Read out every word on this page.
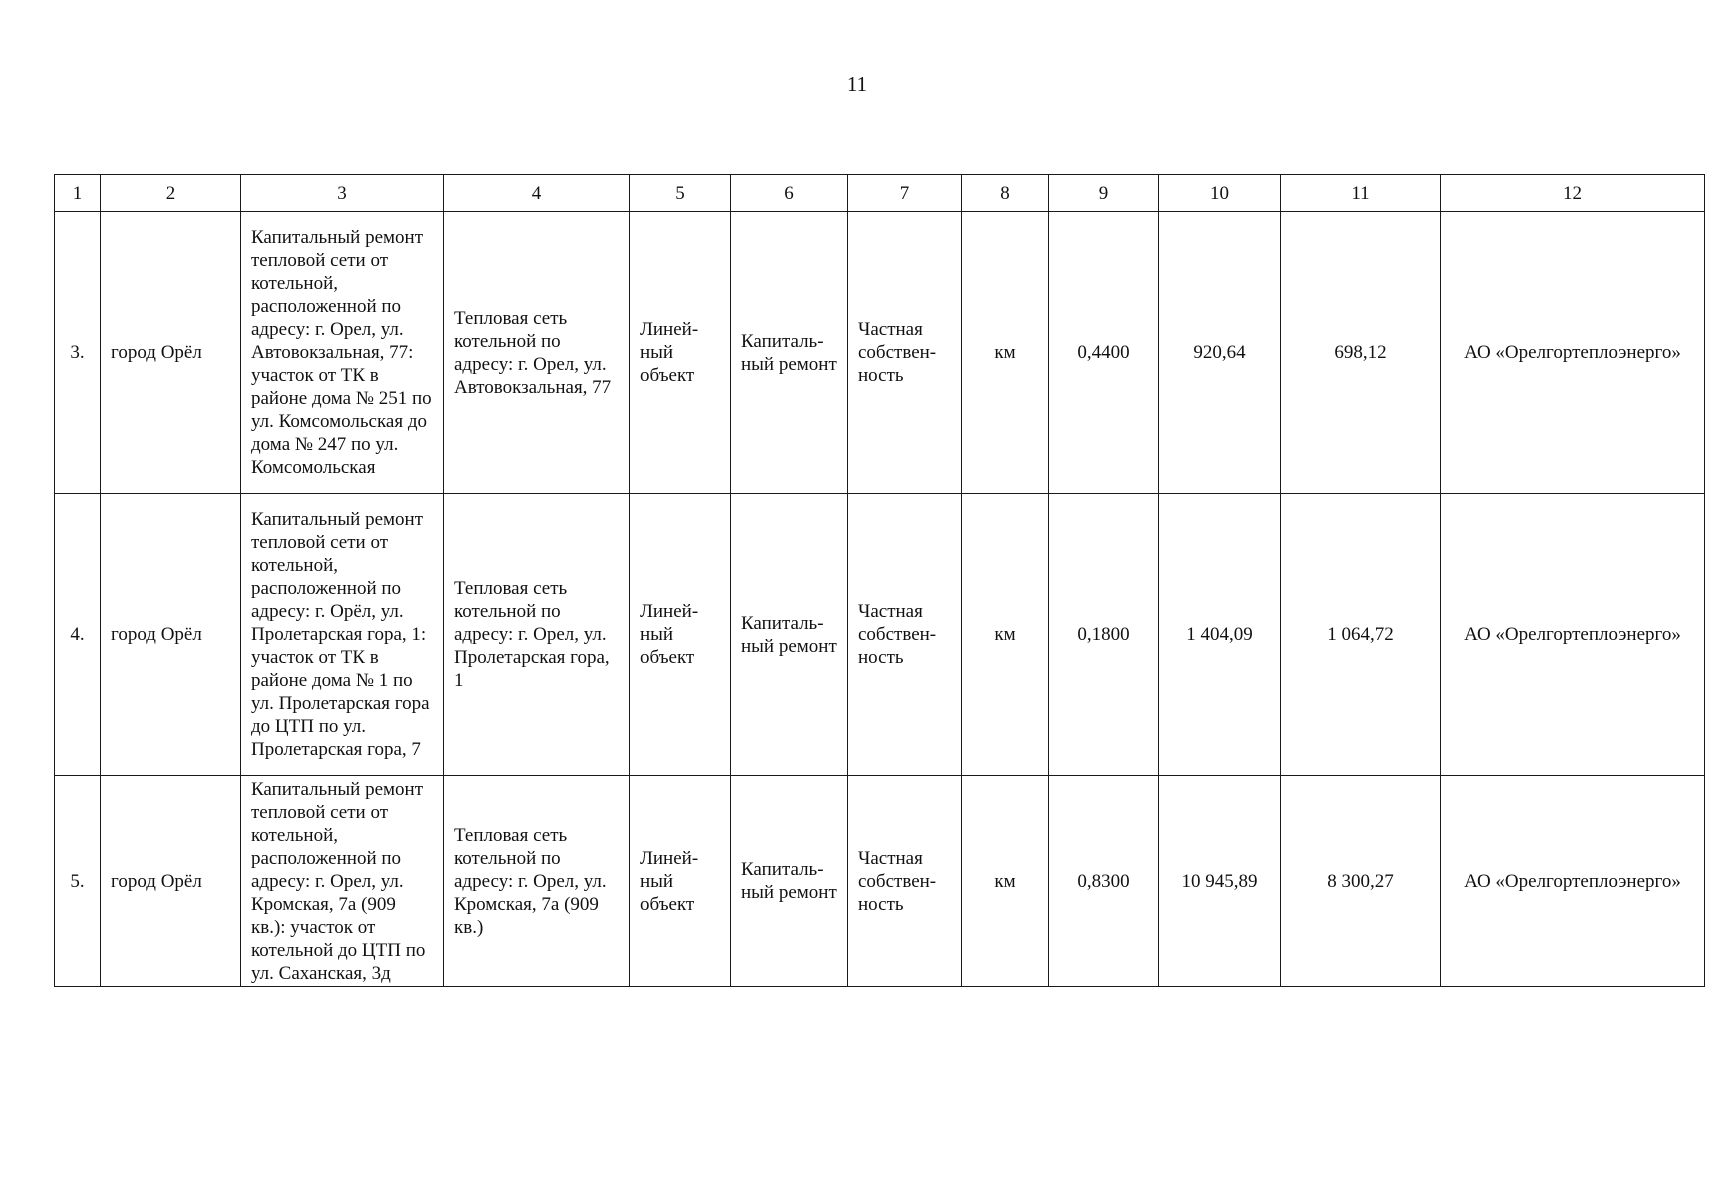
11
1	2	3	4	5	6	7	8	9	10	11	12
3.	город Орёл	Капитальный ремонт тепловой сети от котельной, расположенной по адресу: г. Орел, ул. Автовокзальная, 77: участок от ТК в районе дома № 251 по ул. Комсомольская до дома № 247 по ул. Комсомольская	Тепловая сеть котельной по адресу: г. Орел, ул. Автовокзальная, 77	Линей-ный объект	Капиталь-ный ремонт	Частная собствен-ность	км	0,4400	920,64	698,12	АО «Орелгортеплоэнерго»
4.	город Орёл	Капитальный ремонт тепловой сети от котельной, расположенной по адресу: г. Орёл, ул. Пролетарская гора, 1: участок от ТК в районе дома № 1 по ул. Пролетарская гора до ЦТП по ул. Пролетарская гора, 7	Тепловая сеть котельной по адресу: г. Орел, ул. Пролетарская гора, 1	Линей-ный объект	Капиталь-ный ремонт	Частная собствен-ность	км	0,1800	1 404,09	1 064,72	АО «Орелгортеплоэнерго»
5.	город Орёл	Капитальный ремонт тепловой сети от котельной, расположенной по адресу: г. Орел, ул. Кромская, 7а (909 кв.): участок от котельной до ЦТП по ул. Саханская, 3д	Тепловая сеть котельной по адресу: г. Орел, ул. Кромская, 7а (909 кв.)	Линей-ный объект	Капиталь-ный ремонт	Частная собствен-ность	км	0,8300	10 945,89	8 300,27	АО «Орелгортеплоэнерго»
